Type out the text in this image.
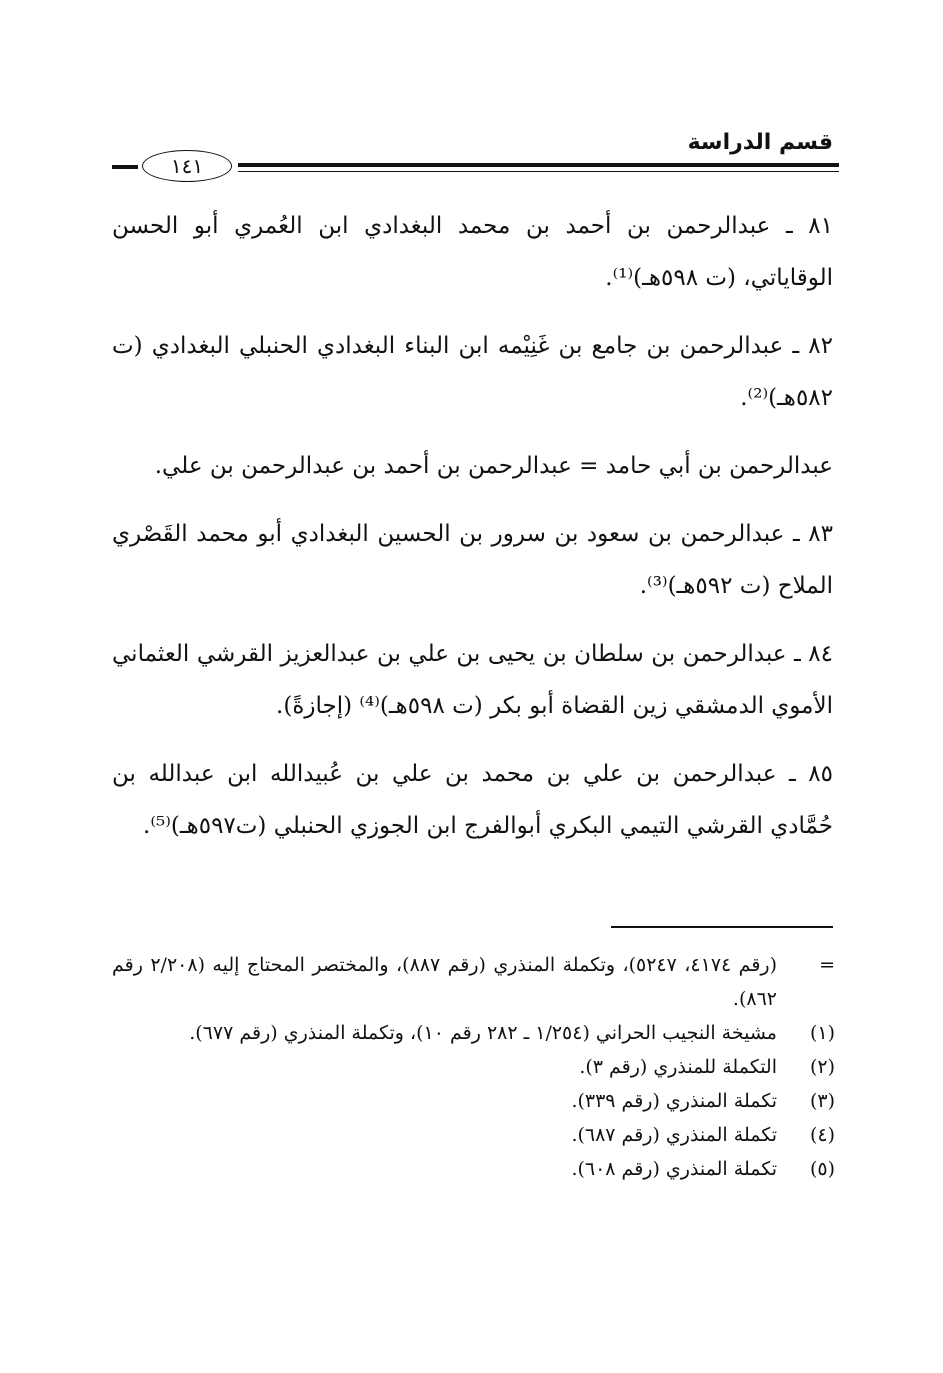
قسم الدراسة
١٤١

٨١ ـ عبدالرحمن بن أحمد بن محمد البغدادي ابن العُمري أبو الحسن الوقاياتي، (ت ٥٩٨هـ)⁽¹⁾.

٨٢ ـ عبدالرحمن بن جامع بن غَنِيْمه ابن البناء البغدادي الحنبلي البغدادي (ت ٥٨٢هـ)⁽²⁾.

عبدالرحمن بن أبي حامد = عبدالرحمن بن أحمد بن عبدالرحمن بن علي.

٨٣ ـ عبدالرحمن بن سعود بن سرور بن الحسين البغدادي أبو محمد القَصْري الملاح (ت ٥٩٢هـ)⁽³⁾.

٨٤ ـ عبدالرحمن بن سلطان بن يحيى بن علي بن عبدالعزيز القرشي العثماني الأموي الدمشقي زين القضاة أبو بكر (ت ٥٩٨هـ)⁽⁴⁾ (إجازةً).

٨٥ ـ عبدالرحمن بن علي بن محمد بن علي بن عُبيدالله ابن عبدالله بن حُمَّادي القرشي التيمي البكري أبوالفرج ابن الجوزي الحنبلي (ت٥٩٧هـ)⁽⁵⁾.

=
(رقم ٤١٧٤، ٥٢٤٧)، وتكملة المنذري (رقم ٨٨٧)، والمختصر المحتاج إليه (٢/٢٠٨ رقم ٨٦٢).
(١)
مشيخة النجيب الحراني (١/٢٥٤ ـ ٢٨٢ رقم ١٠)، وتكملة المنذري (رقم ٦٧٧).
(٢)
التكملة للمنذري (رقم ٣).
(٣)
تكملة المنذري (رقم ٣٣٩).
(٤)
تكملة المنذري (رقم ٦٨٧).
(٥)
تكملة المنذري (رقم ٦٠٨).
